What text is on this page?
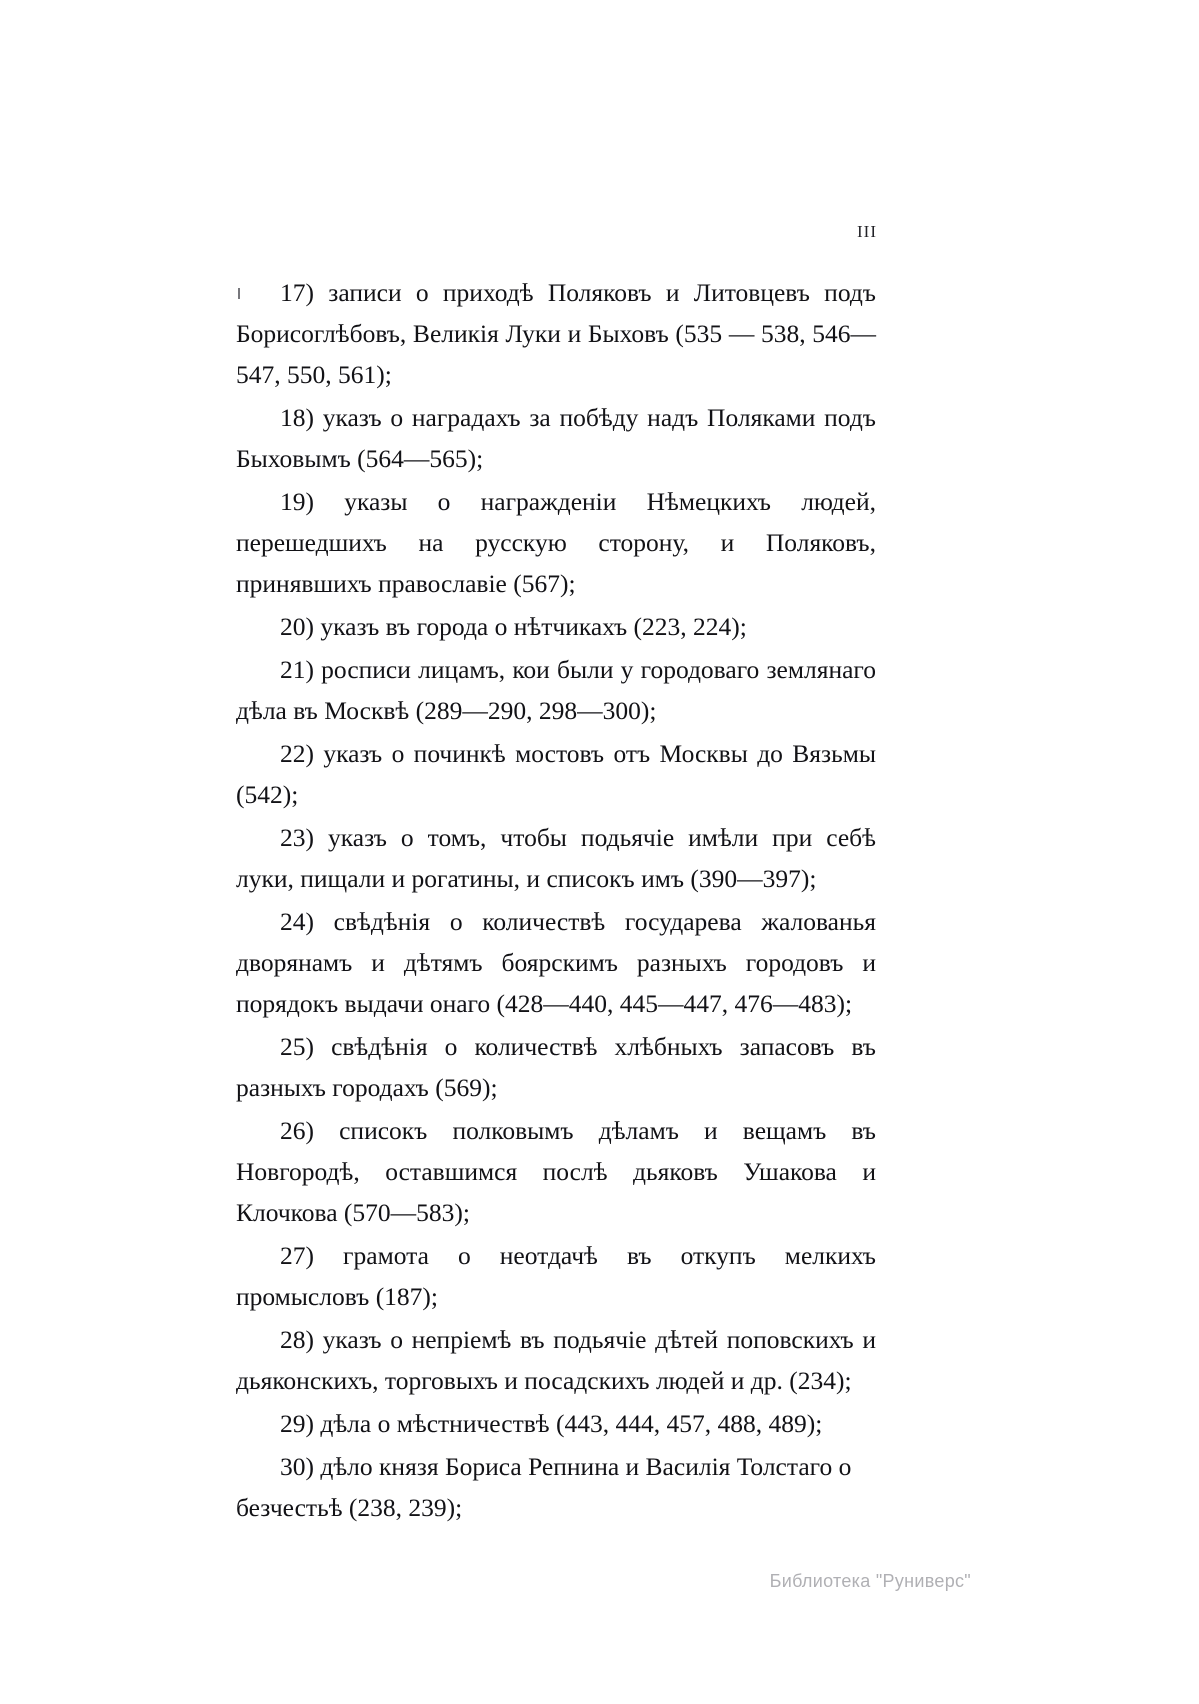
III

17) записи о приходѣ Поляковъ и Литовцевъ подъ Борисоглѣбовъ, Великія Луки и Быховъ (535 — 538, 546—547, 550, 561);

18) указъ о наградахъ за побѣду надъ Поляками подъ Быховымъ (564—565);

19) указы о награжденіи Нѣмецкихъ людей, перешедшихъ на русскую сторону, и Поляковъ, принявшихъ православіе (567);

20) указъ въ города о нѣтчикахъ (223, 224);

21) росписи лицамъ, кои были у городоваго землянаго дѣла въ Москвѣ (289—290, 298—300);

22) указъ о починкѣ мостовъ отъ Москвы до Вязьмы (542);

23) указъ о томъ, чтобы подьячіе имѣли при себѣ луки, пищали и рогатины, и списокъ имъ (390—397);

24) свѣдѣнія о количествѣ государева жалованья дворянамъ и дѣтямъ боярскимъ разныхъ городовъ и порядокъ выдачи онаго (428—440, 445—447, 476—483);

25) свѣдѣнія о количествѣ хлѣбныхъ запасовъ въ разныхъ городахъ (569);

26) списокъ полковымъ дѣламъ и вещамъ въ Новгородѣ, оставшимся послѣ дьяковъ Ушакова и Клочкова (570—583);

27) грамота о неотдачѣ въ откупъ мелкихъ промысловъ (187);

28) указъ о непріемѣ въ подьячіе дѣтей поповскихъ и дьяконскихъ, торговыхъ и посадскихъ людей и др. (234);

29) дѣла о мѣстничествѣ (443, 444, 457, 488, 489);

30) дѣло князя Бориса Репнина и Василія Толстаго о безчестьѣ (238, 239);

Библиотека "Руниверс"
